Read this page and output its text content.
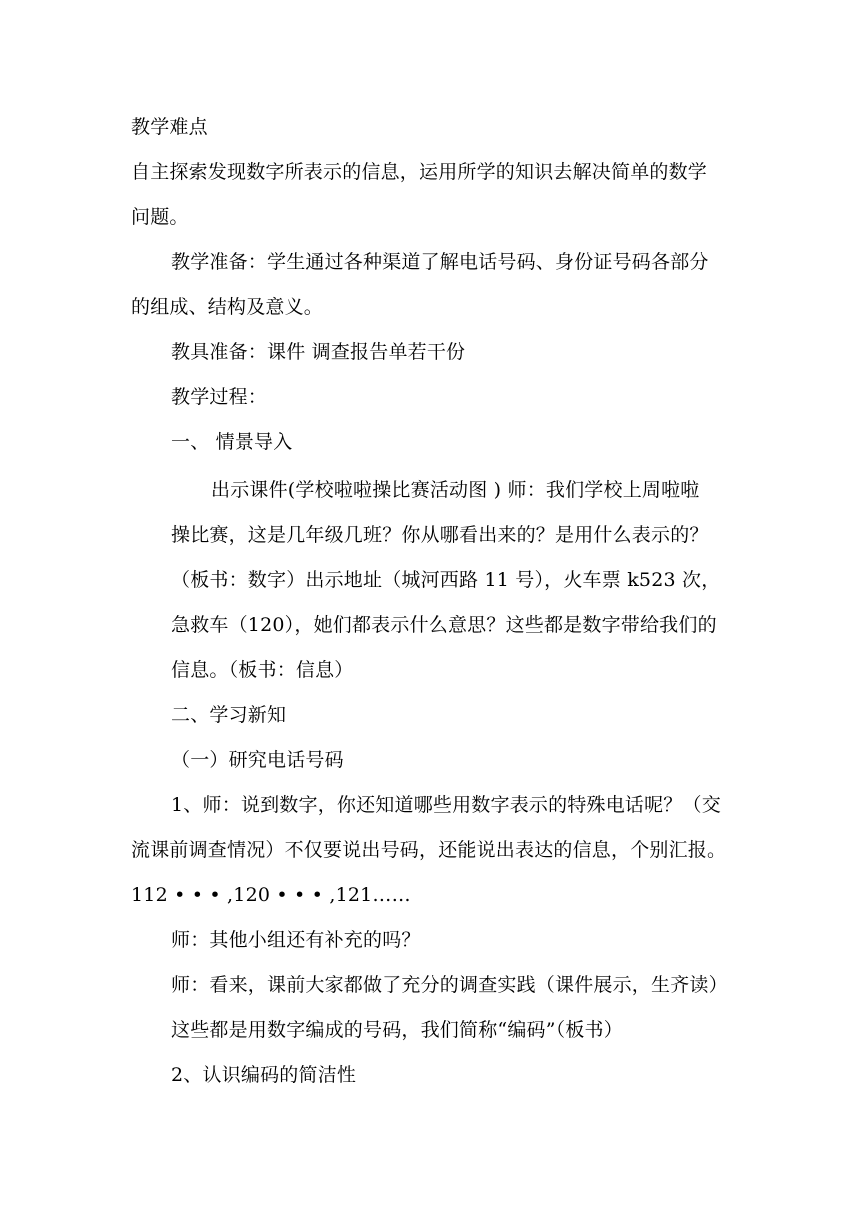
教学难点
自主探索发现数字所表示的信息，运用所学的知识去解决简单的数学
问题。
教学准备：学生通过各种渠道了解电话号码、身份证号码各部分
的组成、结构及意义。
教具准备：课件 调查报告单若干份
教学过程：
一、 情景导入
出示课件(学校啦啦操比赛活动图 ) 师：我们学校上周啦啦
操比赛，这是几年级几班？你从哪看出来的？是用什么表示的？
（板书：数字）出示地址（城河西路 11 号），火车票 k523 次，
急救车（120），她们都表示什么意思？这些都是数字带给我们的
信息。（板书：信息）
二、学习新知
（一）研究电话号码
1、师：说到数字，你还知道哪些用数字表示的特殊电话呢？（交
流课前调查情况）不仅要说出号码，还能说出表达的信息，个别汇报。
112 • • • ,120 • • • ,121……
师：其他小组还有补充的吗？
师：看来，课前大家都做了充分的调查实践（课件展示，生齐读）
这些都是用数字编成的号码，我们简称“编码”（板书）
2、认识编码的简洁性
